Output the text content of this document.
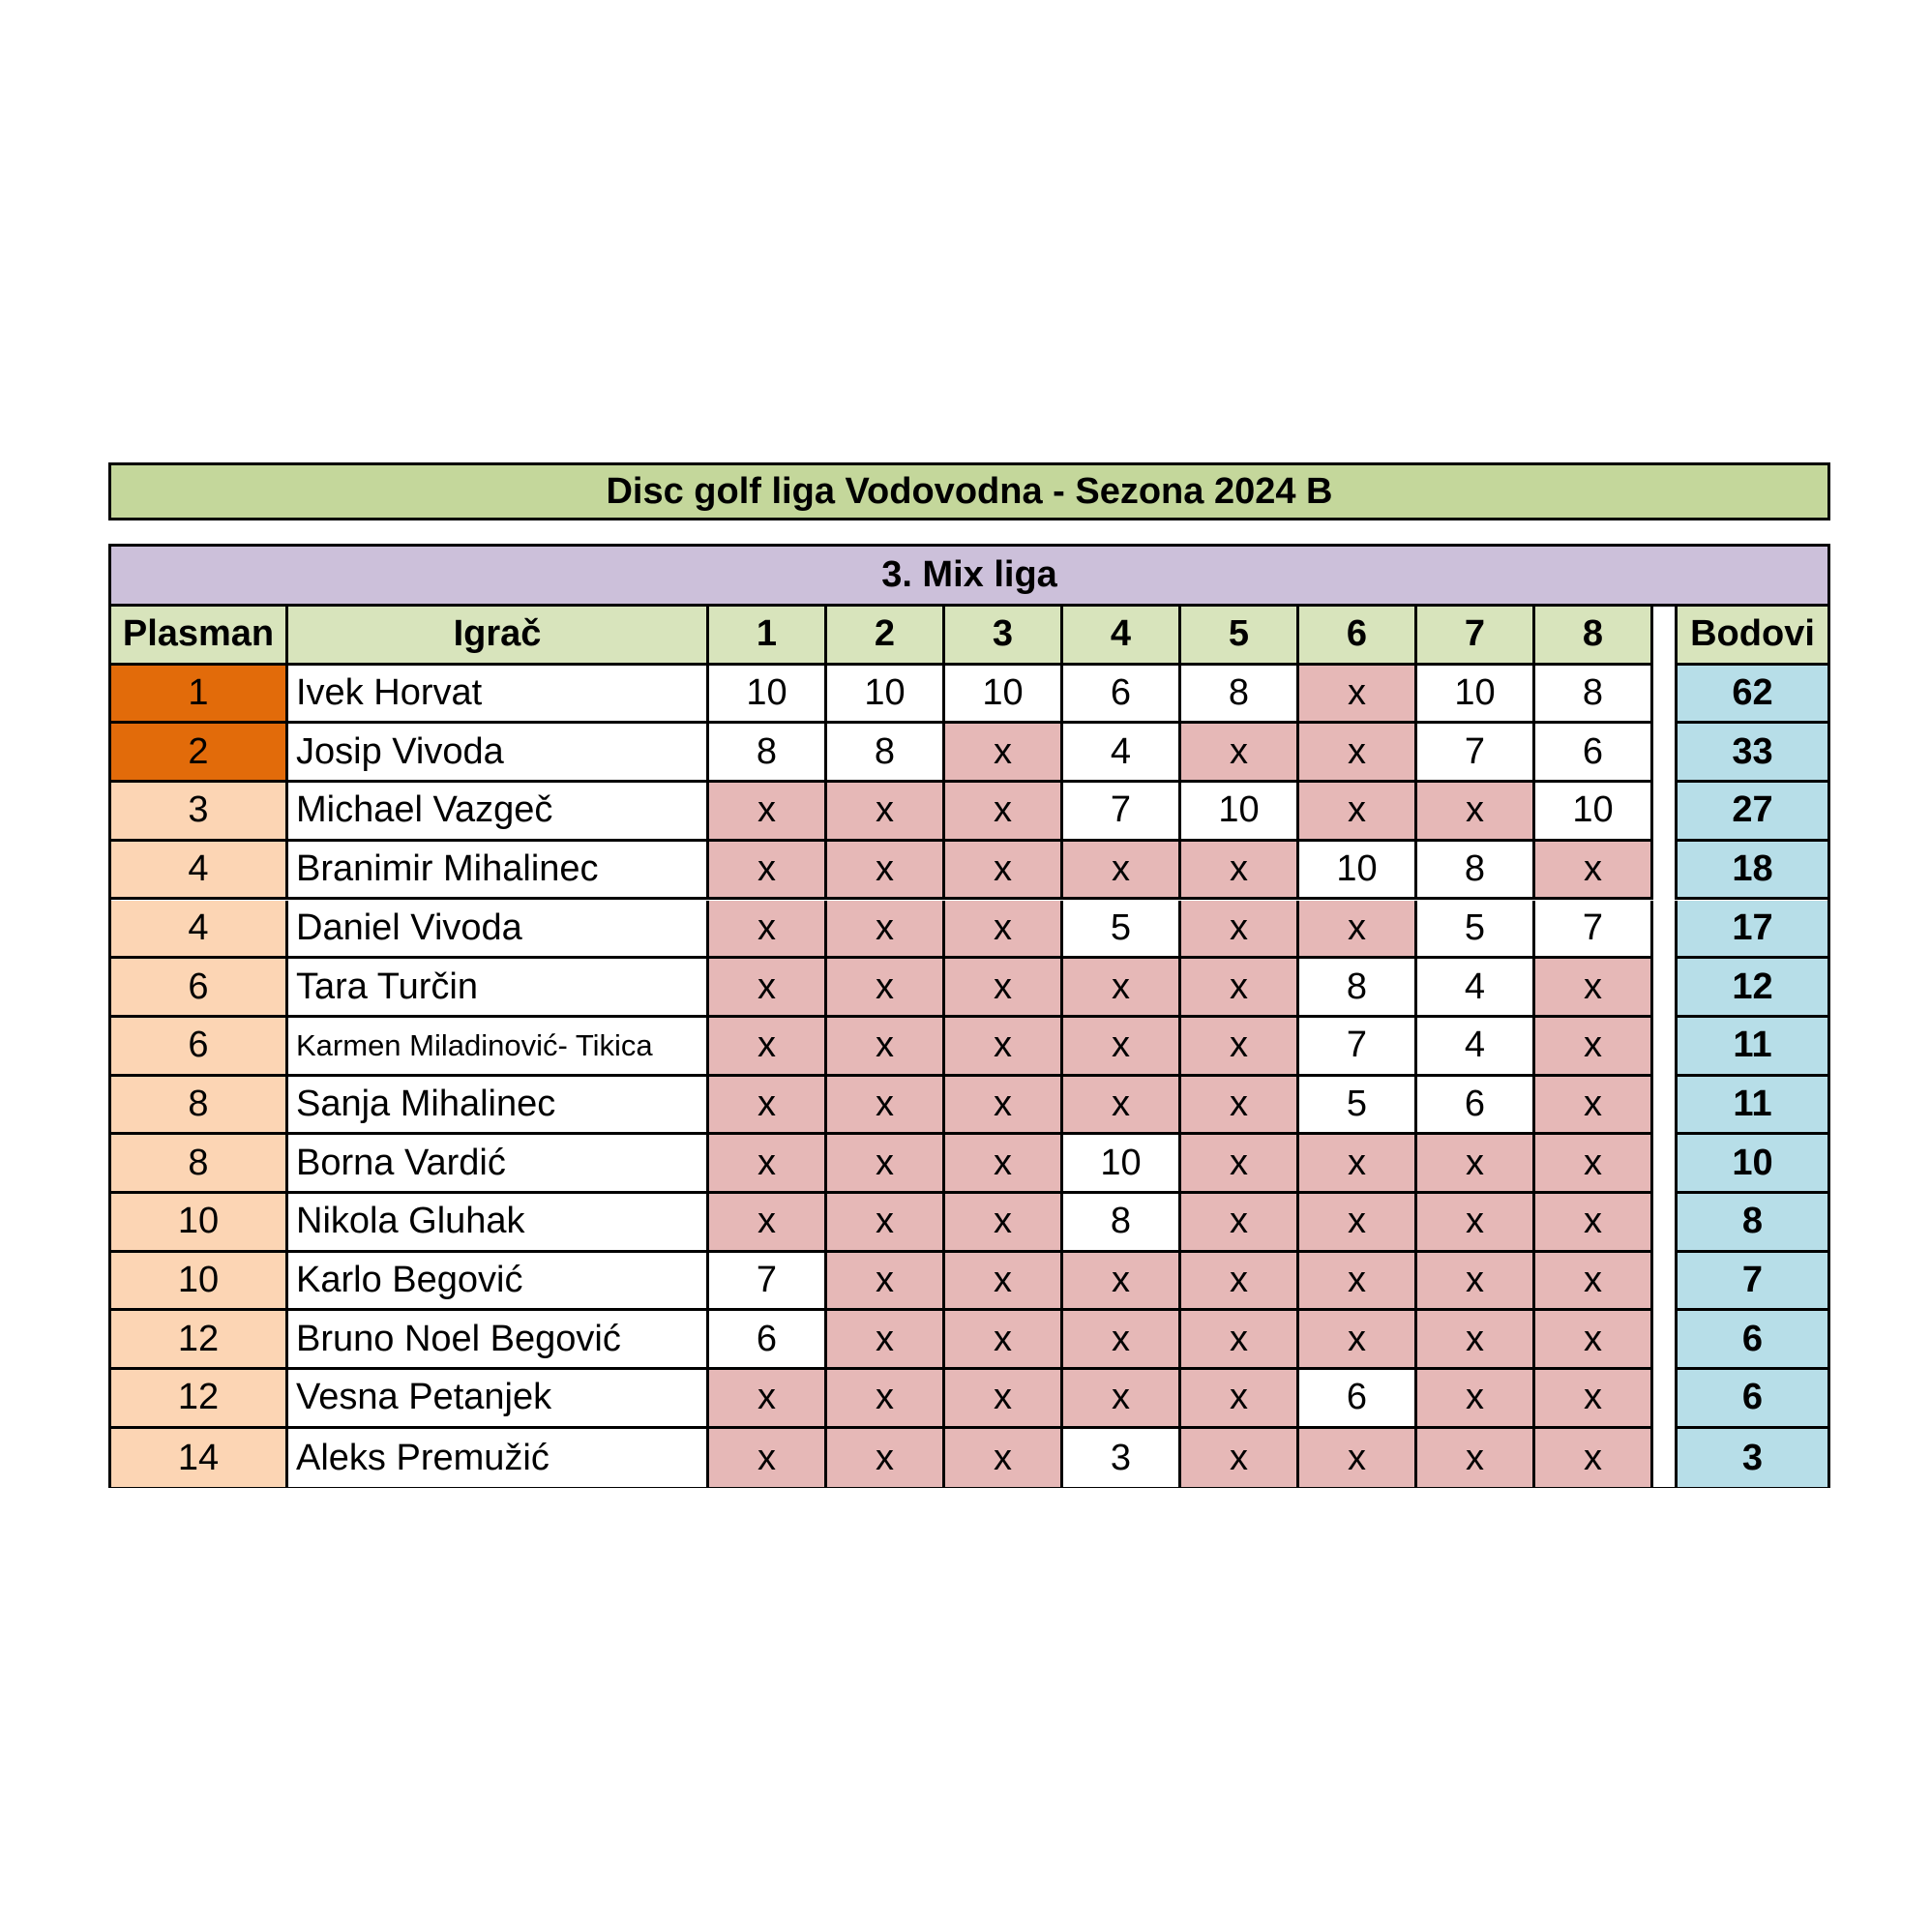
Disc golf liga Vodovodna - Sezona 2024 B
3. Mix liga
Plasman	Igrač	1	2	3	4	5	6	7	8	Bodovi
1	Ivek Horvat	10	10	10	6	8	x	10	8	62
2	Josip Vivoda	8	8	x	4	x	x	7	6	33
3	Michael Vazgeč	x	x	x	7	10	x	x	10	27
4	Branimir Mihalinec	x	x	x	x	x	10	8	x	18
4	Daniel Vivoda	x	x	x	5	x	x	5	7	17
6	Tara Turčin	x	x	x	x	x	8	4	x	12
6	Karmen Miladinović- Tikica	x	x	x	x	x	7	4	x	11
8	Sanja Mihalinec	x	x	x	x	x	5	6	x	11
8	Borna Vardić	x	x	x	10	x	x	x	x	10
10	Nikola Gluhak	x	x	x	8	x	x	x	x	8
10	Karlo Begović	7	x	x	x	x	x	x	x	7
12	Bruno Noel Begović	6	x	x	x	x	x	x	x	6
12	Vesna Petanjek	x	x	x	x	x	6	x	x	6
14	Aleks Premužić	x	x	x	3	x	x	x	x	3
